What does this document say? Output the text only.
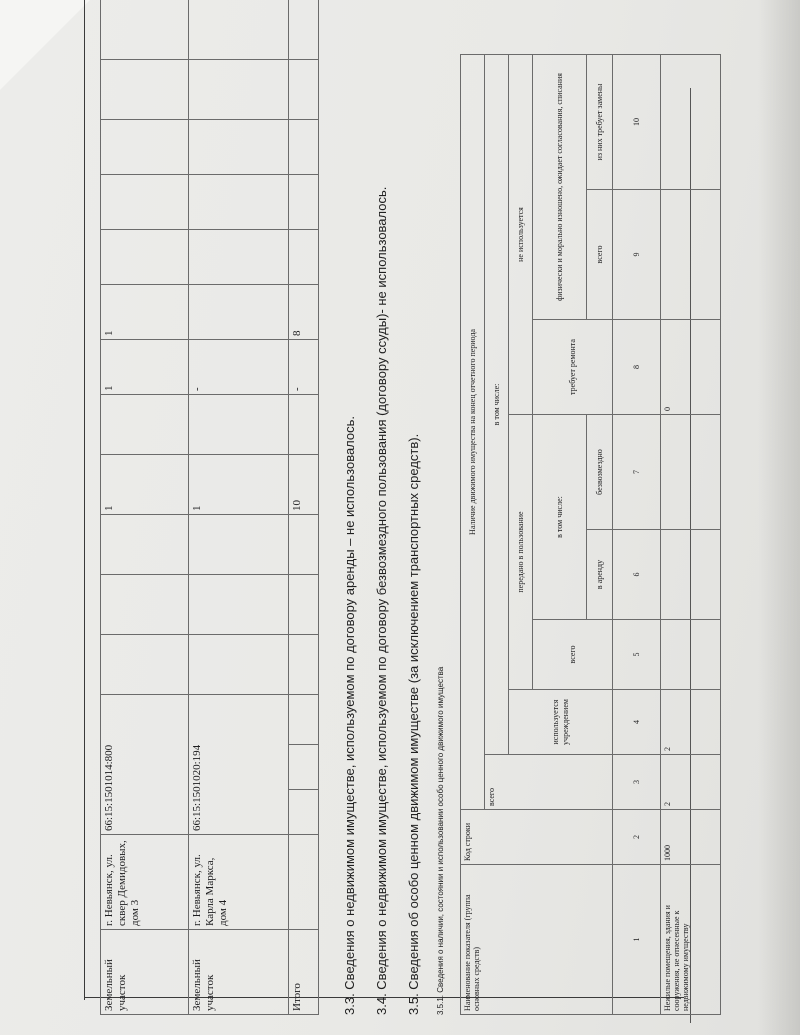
Земельный участок	г. Невьянск, ул. сквер Демидовых, дом 3	66:15:1501014:800						1		1	1					
Земельный участок	г. Невьянск, ул. Карла Маркса, дом 4	66:15:1501020:194						1		-						
Итого								10		-	8					
3.3. Сведения о недвижимом имуществе, используемом по договору аренды – не использовалось. 3.4. Сведения о недвижимом имуществе, используемом по договору безвозмездного пользования (договору ссуды)- не использовалось. 3.5. Сведения об особо ценном движимом имуществе (за исключением транспортных средств). 3.5.1. Сведения о наличии, состоянии и использовании особо ценного движимого имущества Наименование показателя (группа основных средств)	Код строки	Наличие движимого имущества на конец отчетного периода							
		всего	в том числе:						
			используется учреждением	передано в пользование			не используется		
				всего	в том числе:		требует ремонта	физически и морально изношено, ожидает согласования, списания	
					в аренду	безвозмездно		всего	из них требует замены
1	2	3	4	5	6	7	8	9	10
Нежилые помещения, здания и сооружения, не отнесенные к недвижимому имуществу	1000	2	2				0		
